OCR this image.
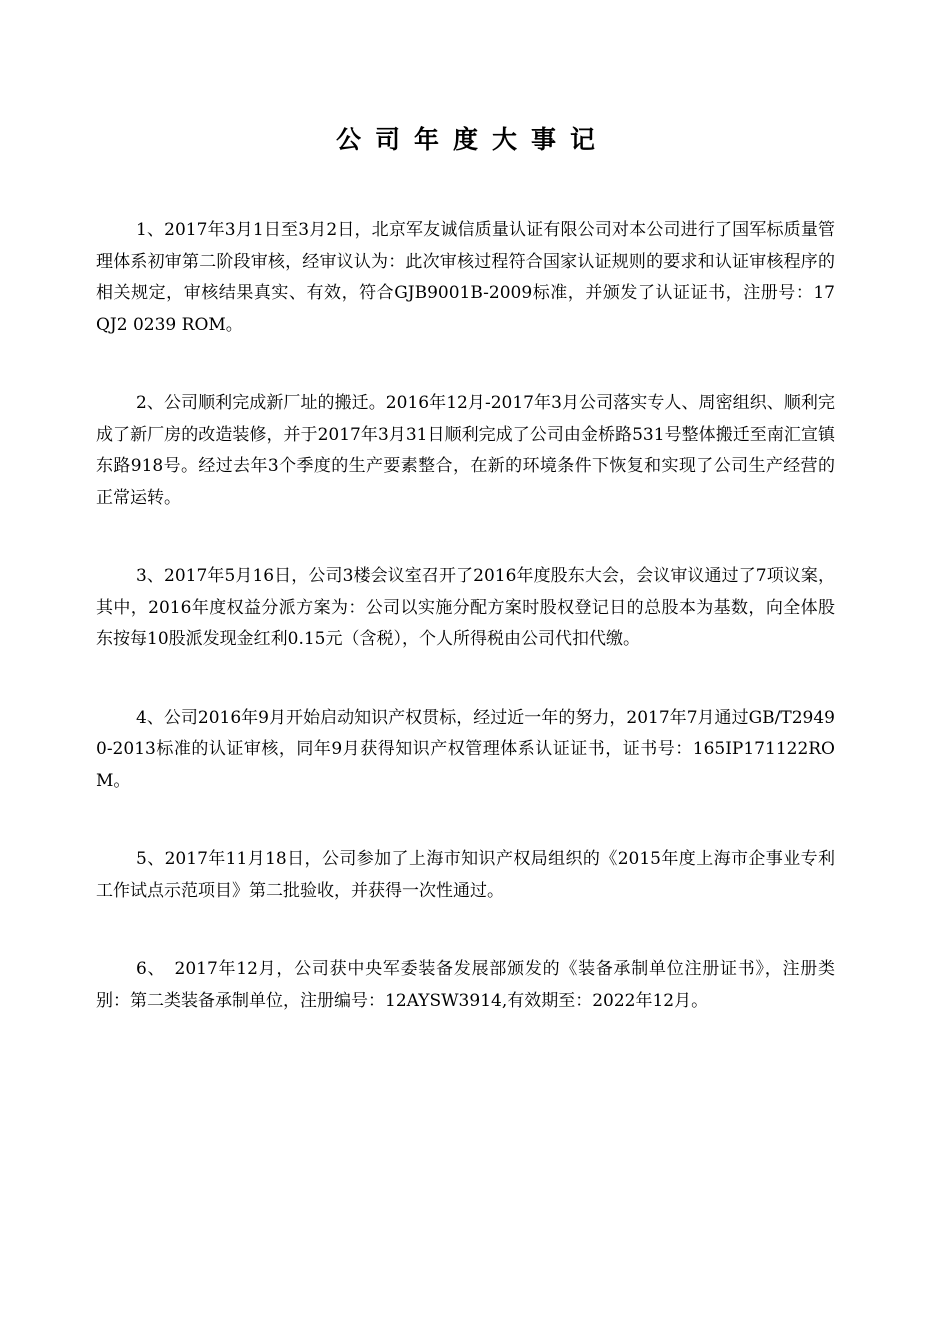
公司年度大事记

1、2017年3月1日至3月2日，北京军友诚信质量认证有限公司对本公司进行了国军标质量管理体系初审第二阶段审核，经审议认为：此次审核过程符合国家认证规则的要求和认证审核程序的相关规定，审核结果真实、有效，符合GJB9001B-2009标准，并颁发了认证证书，注册号：17 QJ2 0239 ROM。

2、公司顺利完成新厂址的搬迁。2016年12月-2017年3月公司落实专人、周密组织、顺利完成了新厂房的改造装修，并于2017年3月31日顺利完成了公司由金桥路531号整体搬迁至南汇宣镇东路918号。经过去年3个季度的生产要素整合，在新的环境条件下恢复和实现了公司生产经营的正常运转。

3、2017年5月16日，公司3楼会议室召开了2016年度股东大会，会议审议通过了7项议案，其中，2016年度权益分派方案为：公司以实施分配方案时股权登记日的总股本为基数，向全体股东按每10股派发现金红利0.15元（含税），个人所得税由公司代扣代缴。

4、公司2016年9月开始启动知识产权贯标，经过近一年的努力，2017年7月通过GB/T29490-2013标准的认证审核，同年9月获得知识产权管理体系认证证书，证书号：165IP171122ROM。

5、2017年11月18日，公司参加了上海市知识产权局组织的《2015年度上海市企事业专利工作试点示范项目》第二批验收，并获得一次性通过。

6、　2017年12月，公司获中央军委装备发展部颁发的《装备承制单位注册证书》，注册类别：第二类装备承制单位，注册编号：12AYSW3914,有效期至：2022年12月。
